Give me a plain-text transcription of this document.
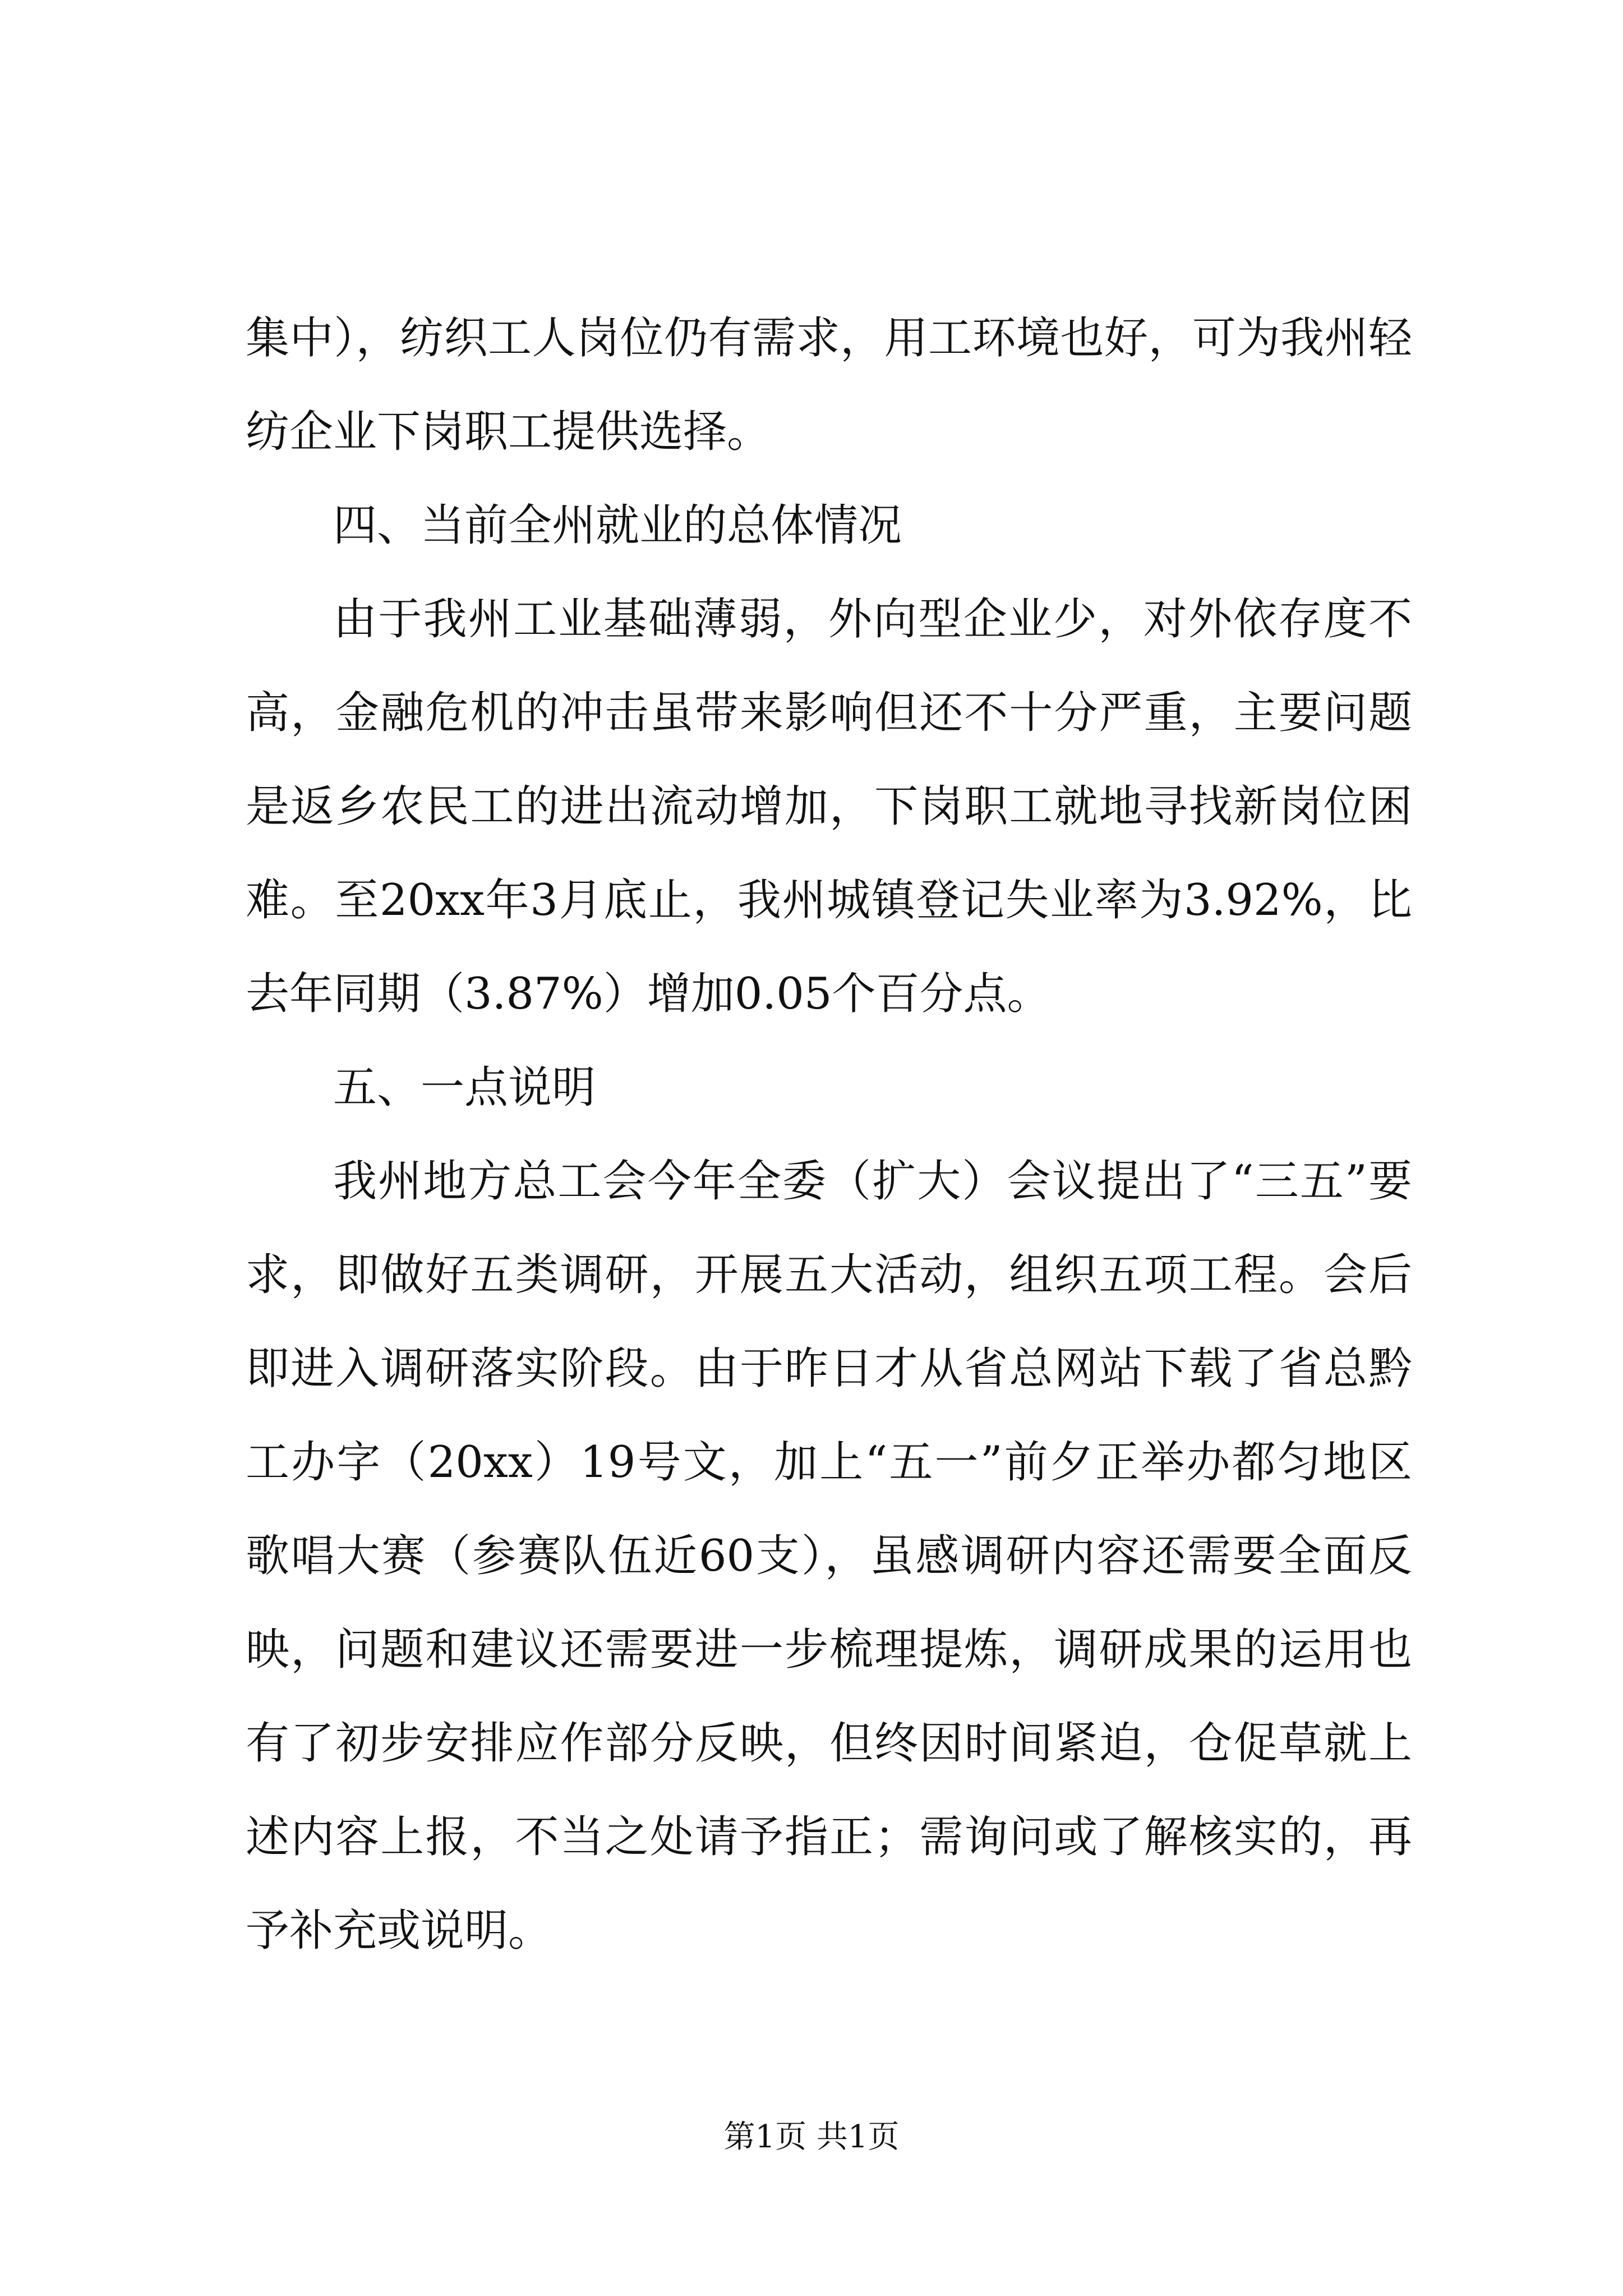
集中），纺织工人岗位仍有需求，用工环境也好，可为我州轻纺企业下岗职工提供选择。

四、当前全州就业的总体情况

由于我州工业基础薄弱，外向型企业少，对外依存度不高，金融危机的冲击虽带来影响但还不十分严重，主要问题是返乡农民工的进出流动增加，下岗职工就地寻找新岗位困难。至20xx年3月底止，我州城镇登记失业率为3.92%，比去年同期（3.87%）增加0.05个百分点。

五、一点说明

我州地方总工会今年全委（扩大）会议提出了“三五”要求，即做好五类调研，开展五大活动，组织五项工程。会后即进入调研落实阶段。由于昨日才从省总网站下载了省总黔工办字（20xx）19号文，加上“五一”前夕正举办都匀地区歌唱大赛（参赛队伍近60支），虽感调研内容还需要全面反映，问题和建议还需要进一步梳理提炼，调研成果的运用也有了初步安排应作部分反映，但终因时间紧迫，仓促草就上述内容上报，不当之处请予指正；需询问或了解核实的，再予补充或说明。

第1页 共1页
